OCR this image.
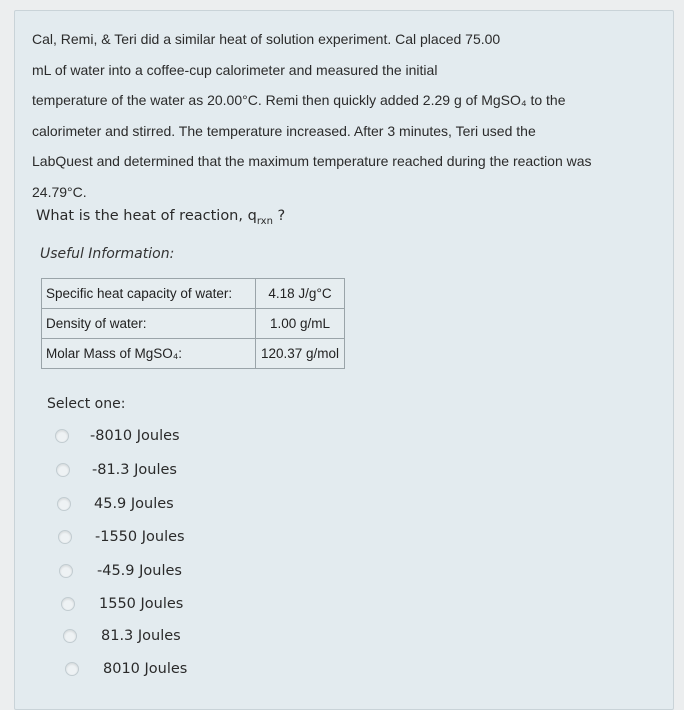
Cal, Remi, & Teri did a similar heat of solution experiment. Cal placed 75.00

mL of water into a coffee-cup calorimeter and measured the initial

temperature of the water as 20.00°C. Remi then quickly added 2.29 g of MgSO₄ to the

calorimeter and stirred. The temperature increased. After 3 minutes, Teri used the

LabQuest and determined that the maximum temperature reached during the reaction was

24.79°C.

What is the heat of reaction, $q_{rxn}$ ?
Useful Information:
Specific heat capacity of water:	4.18 J/g°C
Density of water:	1.00 g/mL
Molar Mass of MgSO₄:	120.37 g/mol
Select one:
-8010 Joules
-81.3 Joules
45.9 Joules
-1550 Joules
-45.9 Joules
1550 Joules
81.3 Joules
8010 Joules
